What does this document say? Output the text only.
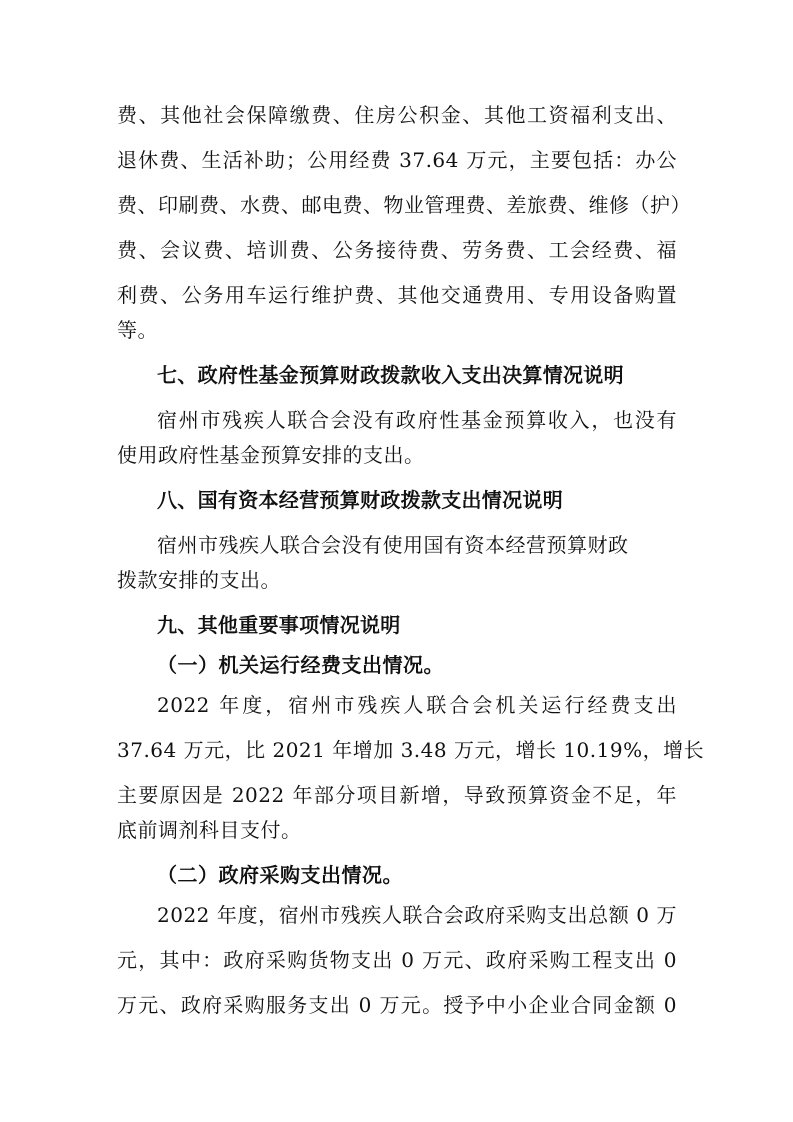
费、其他社会保障缴费、住房公积金、其他工资福利支出、
退休费、生活补助；公用经费 37.64 万元，主要包括：办公
费、印刷费、水费、邮电费、物业管理费、差旅费、维修（护）
费、会议费、培训费、公务接待费、劳务费、工会经费、福
利费、公务用车运行维护费、其他交通费用、专用设备购置
等。
七、政府性基金预算财政拨款收入支出决算情况说明
宿州市残疾人联合会没有政府性基金预算收入，也没有
使用政府性基金预算安排的支出。
八、国有资本经营预算财政拨款支出情况说明
宿州市残疾人联合会没有使用国有资本经营预算财政
拨款安排的支出。
九、其他重要事项情况说明
（一）机关运行经费支出情况。
2022 年度，宿州市残疾人联合会机关运行经费支出
37.64 万元，比 2021 年增加 3.48 万元，增长 10.19%，增长
主要原因是 2022 年部分项目新增，导致预算资金不足，年
底前调剂科目支付。
（二）政府采购支出情况。
2022 年度，宿州市残疾人联合会政府采购支出总额 0 万
元，其中：政府采购货物支出 0 万元、政府采购工程支出 0
万元、政府采购服务支出 0 万元。授予中小企业合同金额 0
